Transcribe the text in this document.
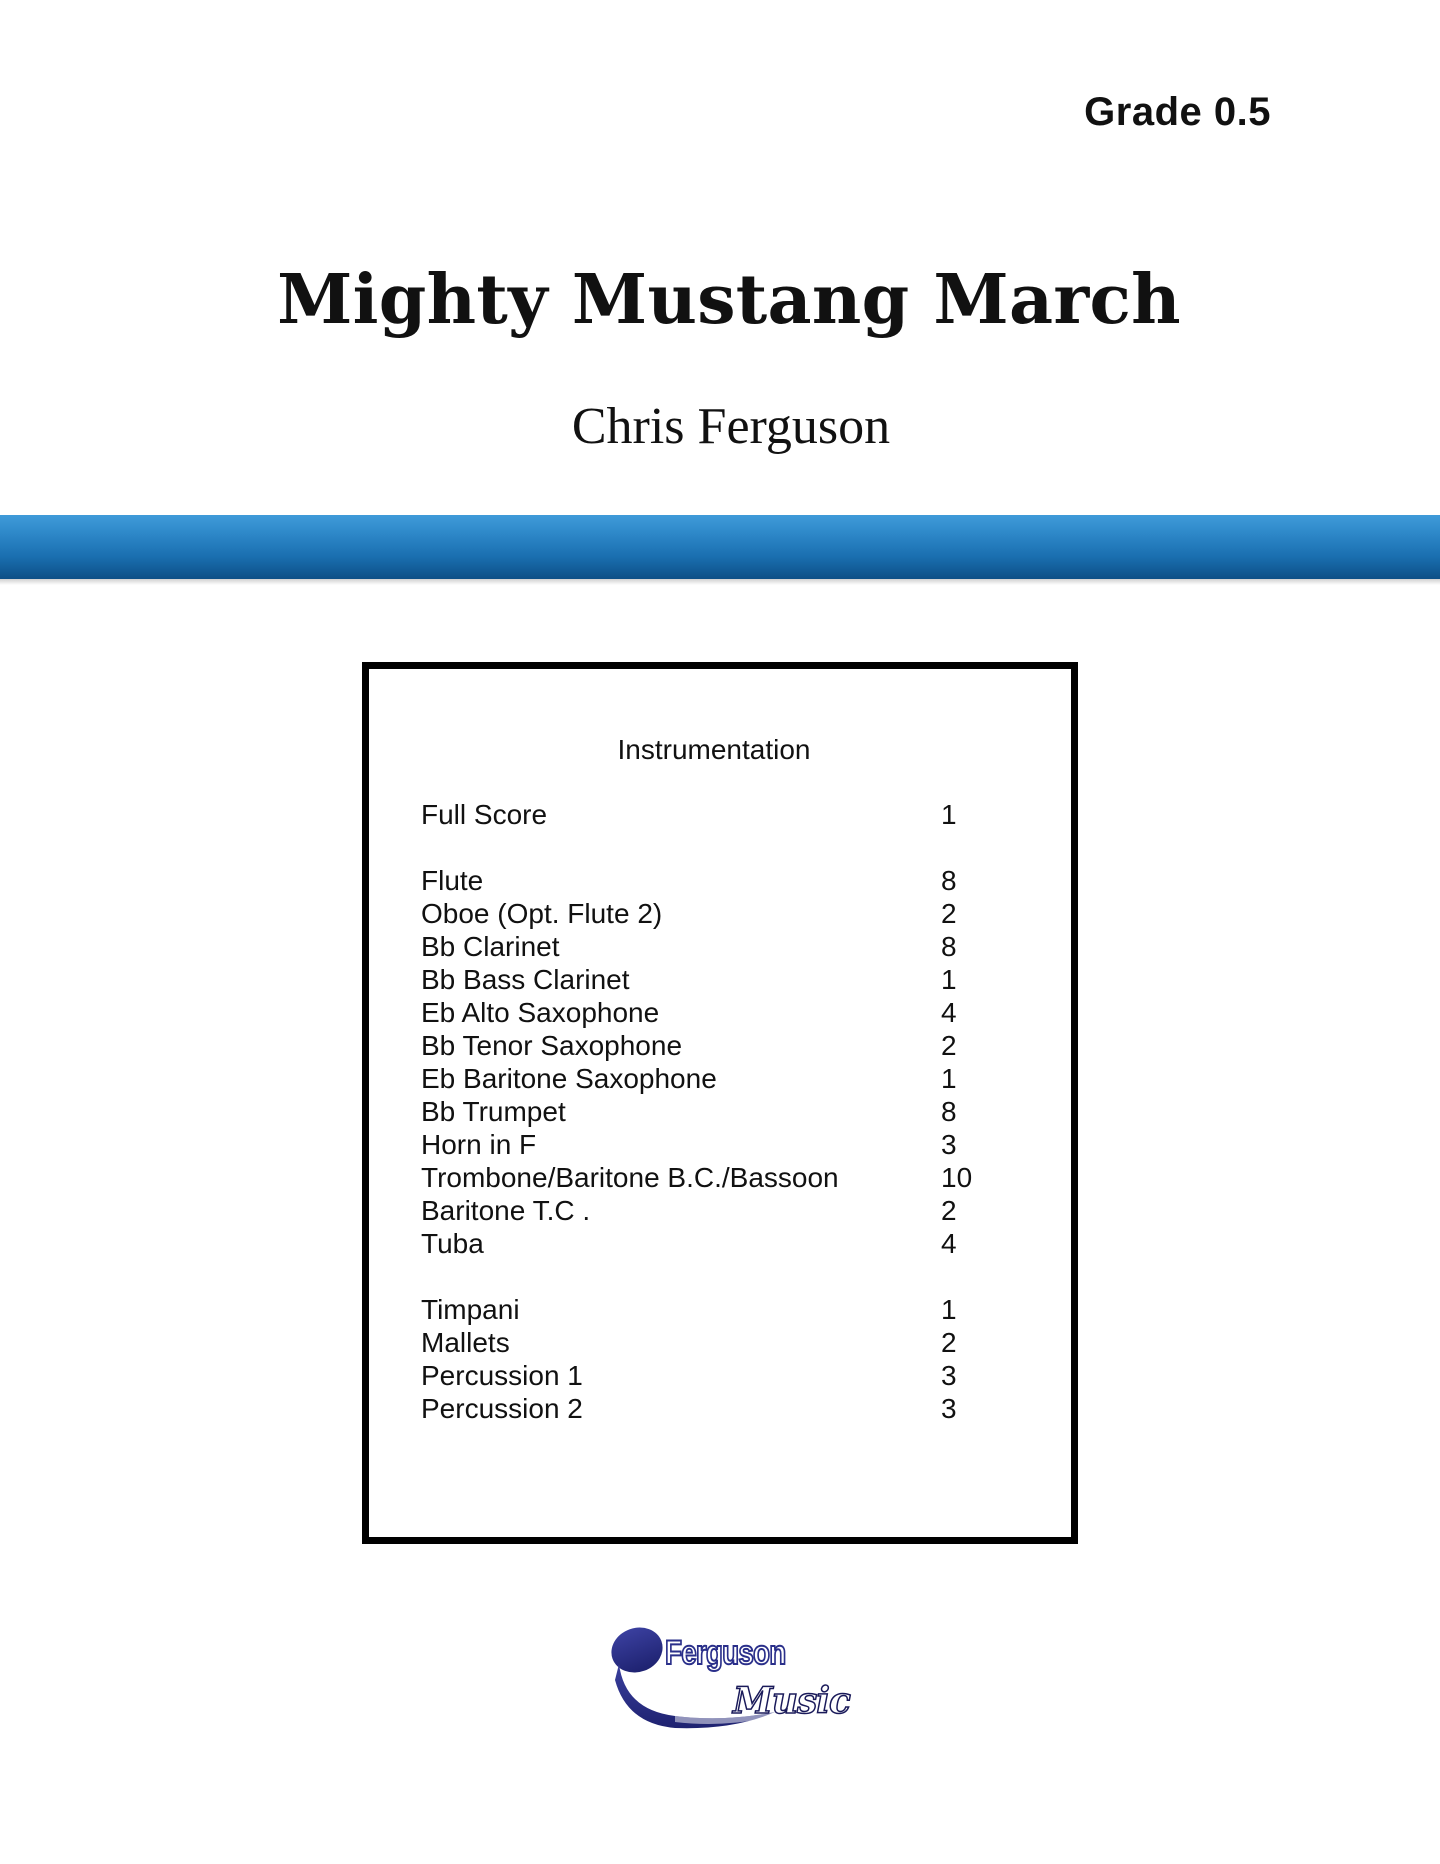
Grade 0.5
Mighty Mustang March
Chris Ferguson
Instrumentation
Full Score	1
Flute	8
Oboe (Opt. Flute 2)	2
Bb Clarinet	8
Bb Bass Clarinet	1
Eb Alto Saxophone	4
Bb Tenor Saxophone	2
Eb Baritone Saxophone	1
Bb Trumpet	8
Horn in F	3
Trombone/Baritone B.C./Bassoon	10
Baritone T.C .	2
Tuba	4
Timpani	1
Mallets	2
Percussion 1	3
Percussion 2	3
Ferguson
Music
